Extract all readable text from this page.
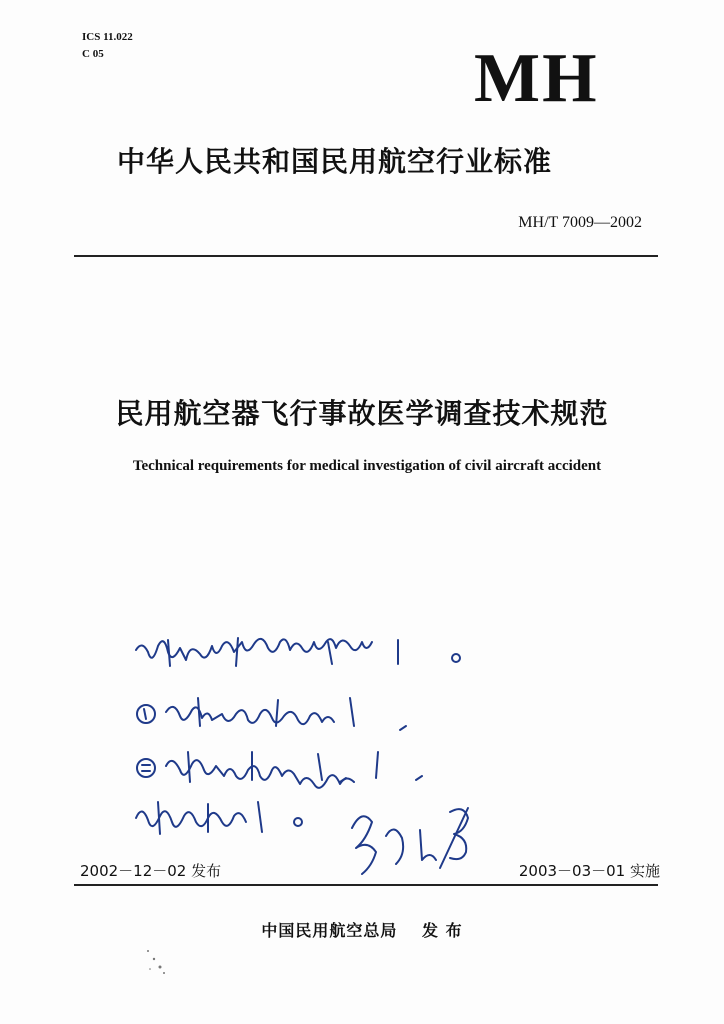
ICS 11.022
C 05	MH
中华人民共和国民用航空行业标准
MH/T 7009—2002
民用航空器飞行事故医学调查技术规范
Technical requirements for medical investigation of civil aircraft accident
2002－12－02 发布	2003－03－01 实施
中国民用航空总局 发 布
